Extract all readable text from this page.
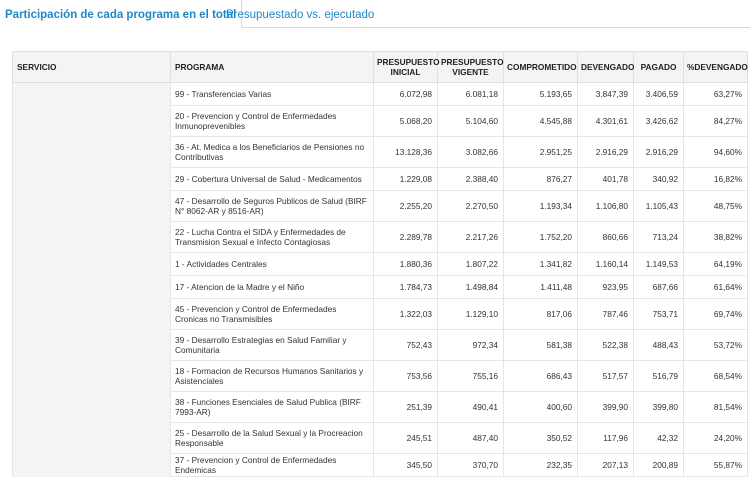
Participación de cada programa en el total
Presupuestado vs. ejecutado
SERVICIO	PROGRAMA	PRESUPUESTO INICIAL	PRESUPUESTO VIGENTE	COMPROMETIDO	DEVENGADO	PAGADO	%DEVENGADO
	99 - Transferencias Varias	6.072,98	6.081,18	5.193,65	3.847,39	3.406,59	63,27%
	20 - Prevencion y Control de Enfermedades Inmunoprevenibles	5.068,20	5.104,60	4.545,88	4.301,61	3.426,62	84,27%
	36 - At. Medica a los Beneficiarios de Pensiones no Contributivas	13.128,36	3.082,66	2.951,25	2.916,29	2.916,29	94,60%
	29 - Cobertura Universal de Salud - Medicamentos	1.229,08	2.388,40	876,27	401,78	340,92	16,82%
	47 - Desarrollo de Seguros Publicos de Salud (BIRF N° 8062-AR y 8516-AR)	2.255,20	2.270,50	1.193,34	1.106,80	1.105,43	48,75%
	22 - Lucha Contra el SIDA y Enfermedades de Transmision Sexual e Infecto Contagiosas	2.289,78	2.217,26	1.752,20	860,66	713,24	38,82%
	1 - Actividades Centrales	1.880,36	1.807,22	1.341,82	1.160,14	1.149,53	64,19%
	17 - Atencion de la Madre y el Niño	1.784,73	1.498,84	1.411,48	923,95	687,66	61,64%
	45 - Prevencion y Control de Enfermedades Cronicas no Transmisibles	1.322,03	1.129,10	817,06	787,46	753,71	69,74%
	39 - Desarrollo Estrategias en Salud Familiar y Comunitaria	752,43	972,34	581,38	522,38	488,43	53,72%
	18 - Formacion de Recursos Humanos Sanitarios y Asistenciales	753,56	755,16	686,43	517,57	516,79	68,54%
	38 - Funciones Esenciales de Salud Publica (BIRF 7993-AR)	251,39	490,41	400,60	399,90	399,80	81,54%
	25 - Desarrollo de la Salud Sexual y la Procreacion Responsable	245,51	487,40	350,52	117,96	42,32	24,20%
	37 - Prevencion y Control de Enfermedades Endemicas	345,50	370,70	232,35	207,13	200,89	55,87%
